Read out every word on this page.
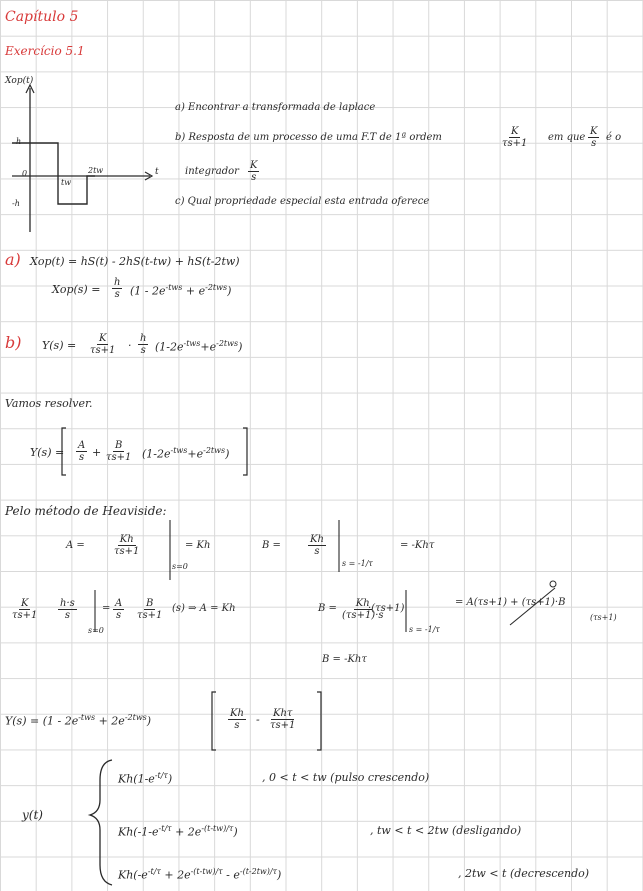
Capítulo 5
Exercício 5.1
Xop(t)
h
0
tw
2tw	t
-h
a) Encontrar a transformada de laplace
b) Resposta de um processo de uma F.T de 1ª ordem	$\frac{K}{\tau s+1}$ em que $\frac{K}{s}$ é o
integrador $\frac{K}{s}$
c) Qual propriedade especial esta entrada oferece
a) Xop(t) = hS(t) - 2hS(t-tw) + hS(t-2tw)
$Xop(s) = \frac{h}{s} (1 - 2e^{-tws} + e^{-2tws})$
b) $Y(s) = \frac{K}{\tau s+1} \cdot \frac{h}{s} (1-2e^{-tws}+e^{-2tws})$
Vamos resolver.
$Y(s) = \frac{A}{s} + \frac{B}{\tau s+1} (1-2e^{-tws}+e^{-2tws})$
Pelo método de Heaviside:
A =	$\frac{Kh}{\tau s+1}$
s=0
= Kh	B =	$\frac{Kh}{s}$
s = -1/τ
= -Khτ
$\frac{K}{\tau s+1} \frac{h\cdot s}{s}$
s=0
= $\frac{A}{s} \frac{B}{\tau s+1} (s)$ ⇒ A = Kh	$B = \frac{Kh}{(\tau s+1)\cdot s}$
·(τs+1)
s = -1/τ
= A(τs+1) + (τs+1)·B
(τs+1)
B = -Khτ
$Y(s) = (1 - 2e^{-tws} + 2e^{-2tws})$	$\frac{Kh}{s}$ - Khτ
τs+1
y(t)
$Kh(1-e^{-t/\tau})$	, 0 < t < tw (pulso crescendo)
$Kh(-1-e^{-t/\tau} + 2e^{-(t-tw)/\tau})$	, tw < t < 2tw (desligando)
$Kh(-e^{-t/\tau} + 2e^{-(t-tw)/\tau} - e^{-(t-2tw)/\tau})$	, 2tw < t (decrescendo)
